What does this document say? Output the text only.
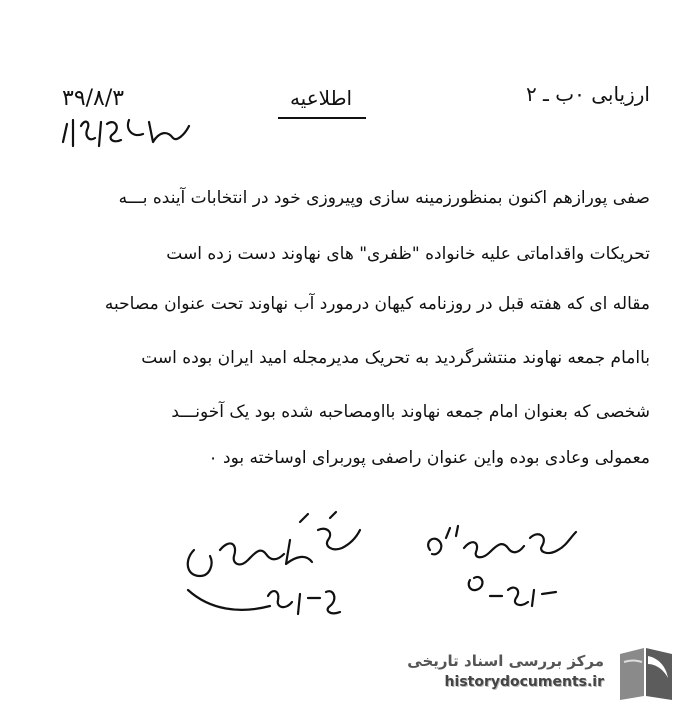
۳۹/۸/۳	اطلاعیه	ارزیابی ۰ب ـ ۲
صفی پورازهم اکنون بمنظورزمینه سازی وپیروزی خود در انتخابات آینده بـــه
تحریکات واقداماتی علیه خانواده "ظفری" های نهاوند دست زده است
مقاله ای که هفته قبل در روزنامه کیهان درمورد آب نهاوند تحت عنوان مصاحبه
باامام جمعه نهاوند منتشرگردید به تحریک مدیرمجله امید ایران بوده است
شخصی که بعنوان امام جمعه نهاوند بااومصاحبه شده بود یک آخونـــد
معمولی وعادی بوده واین عنوان راصفی پوربرای اوساخته بود ۰
مرکز بررسی اسناد تاریخی
historydocuments.ir
